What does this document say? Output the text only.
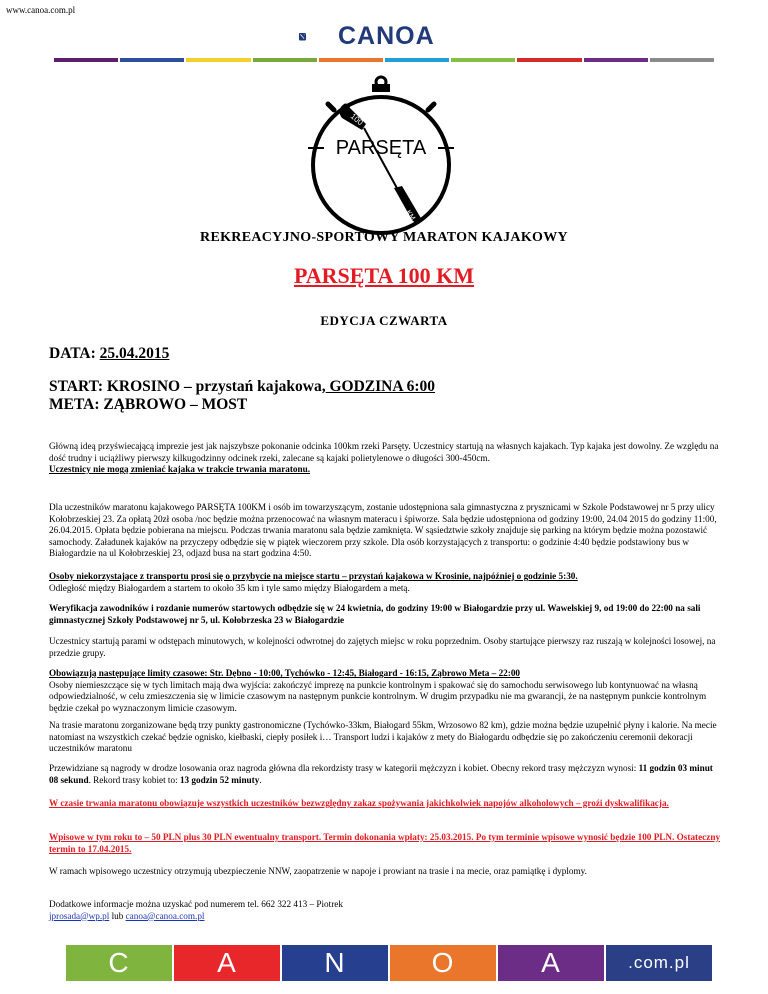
www.canoa.com.pl
CANOA
100
PARSĘTA
KM
REKREACYJNO-SPORTOWY MARATON KAJAKOWY
PARSĘTA 100 KM
EDYCJA CZWARTA
DATA: 25.04.2015
START: KROSINO – przystań kajakowa, GODZINA 6:00
META: ZĄBROWO – MOST
Główną ideą przyświecającą imprezie jest jak najszybsze pokonanie odcinka 100km rzeki Parsęty. Uczestnicy startują na własnych kajakach. Typ kajaka jest dowolny. Ze względu na dość trudny i uciążliwy pierwszy kilkugodzinny odcinek rzeki, zalecane są kajaki polietylenowe o długości 300-450cm.
Uczestnicy nie mogą zmieniać kajaka w trakcie trwania maratonu.
Dla uczestników maratonu kajakowego PARSĘTA 100KM i osób im towarzyszącym, zostanie udostępniona sala gimnastyczna z prysznicami w Szkole Podstawowej nr 5 przy ulicy Kołobrzeskiej 23. Za opłatą 20zł osoba /noc będzie można przenocować na własnym materacu i śpiworze. Sala będzie udostępniona od godziny 19:00, 24.04 2015 do godziny 11:00, 26.04.2015. Opłata będzie pobierana na miejscu. Podczas trwania maratonu sala będzie zamknięta. W sąsiedztwie szkoły znajduje się parking na którym będzie można pozostawić samochody. Załadunek kajaków na przyczepy odbędzie się w piątek wieczorem przy szkole. Dla osób korzystających z transportu: o godzinie 4:40 będzie podstawiony bus w Białogardzie na ul Kołobrzeskiej 23, odjazd busa na start godzina 4:50.
Osoby niekorzystające z transportu prosi się o przybycie na miejsce startu – przystań kajakowa w Krosinie, najpóźniej o godzinie 5:30.
Odległość między Białogardem a startem to około 35 km i tyle samo między Białogardem a metą.
Weryfikacja zawodników i rozdanie numerów startowych odbędzie się w 24 kwietnia, do godziny 19:00 w Białogardzie przy ul. Wawelskiej 9, od 19:00 do 22:00 na sali gimnastycznej Szkoły Podstawowej nr 5, ul. Kołobrzeska 23 w Białogardzie
Uczestnicy startują parami w odstępach minutowych, w kolejności odwrotnej do zajętych miejsc w roku poprzednim. Osoby startujące pierwszy raz ruszają w kolejności losowej, na przedzie grupy.
Obowiązują następujące limity czasowe: Str. Dębno - 10:00, Tychówko - 12:45, Białogard - 16:15, Ząbrowo Meta – 22:00
Osoby niemieszczące się w tych limitach mają dwa wyjścia: zakończyć imprezę na punkcie kontrolnym i spakować się do samochodu serwisowego lub kontynuować na własną odpowiedzialność, w celu zmieszczenia się w limicie czasowym na następnym punkcie kontrolnym. W drugim przypadku nie ma gwarancji, że na następnym punkcie kontrolnym będzie czekał po wyznaczonym limicie czasowym.
Na trasie maratonu zorganizowane będą trzy punkty gastronomiczne (Tychówko-33km, Białogard 55km, Wrzosowo 82 km), gdzie można będzie uzupełnić płyny i kalorie. Na mecie natomiast na wszystkich czekać będzie ognisko, kiełbaski, ciepły posiłek i… Transport ludzi i kajaków z mety do Białogardu odbędzie się po zakończeniu ceremonii dekoracji uczestników maratonu
Przewidziane są nagrody w drodze losowania oraz nagroda główna dla rekordzisty trasy w kategorii mężczyzn i kobiet. Obecny rekord trasy mężczyzn wynosi: 11 godzin 03 minut 08 sekund. Rekord trasy kobiet to: 13 godzin 52 minuty.
W czasie trwania maratonu obowiązuje wszystkich uczestników bezwzględny zakaz spożywania jakichkolwiek napojów alkoholowych – groźi dyskwalifikacja.
Wpisowe w tym roku to – 50 PLN plus 30 PLN ewentualny transport. Termin dokonania wpłaty: 25.03.2015. Po tym terminie wpisowe wynosić będzie 100 PLN. Ostateczny termin to 17.04.2015.
W ramach wpisowego uczestnicy otrzymują ubezpieczenie NNW, zaopatrzenie w napoje i prowiant na trasie i na mecie, oraz pamiątkę i dyplomy.
Dodatkowe informacje można uzyskać pod numerem tel. 662 322 413 – Piotrek
jprosada@wp.pl lub canoa@canoa.com.pl
C	A	N	O	A	.com.pl
